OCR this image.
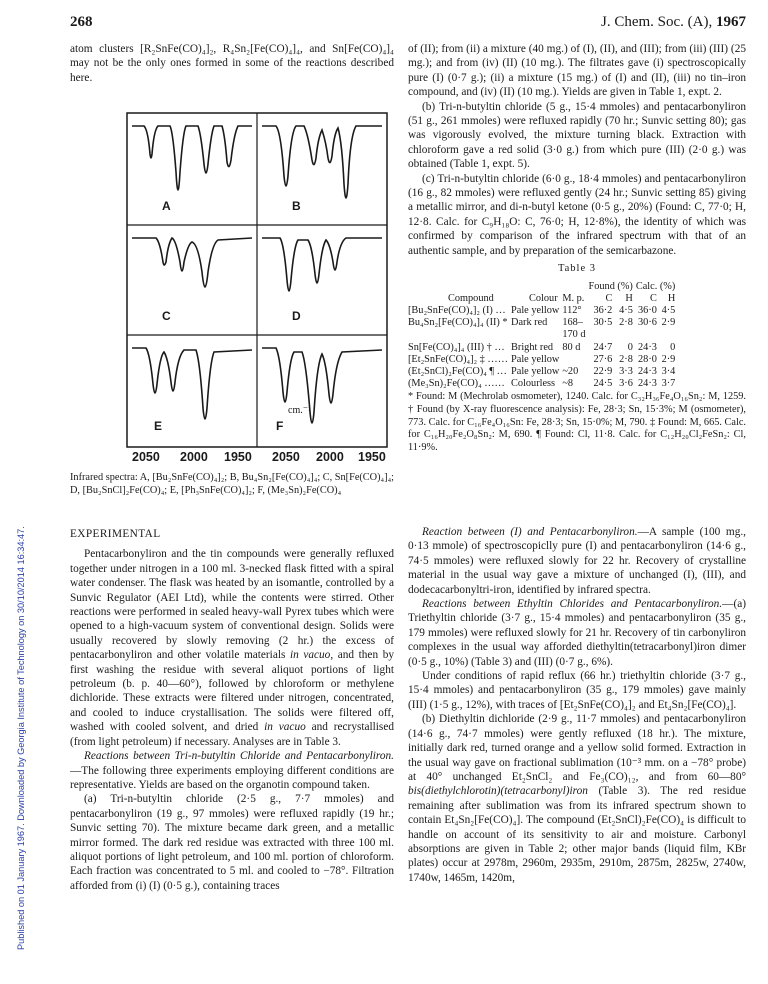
Published on 01 January 1967. Downloaded by Georgia Institute of Technology on 30/10/2014 16:34:47.
268	J. Chem. Soc. (A), 1967

atom clusters [R₂SnFe(CO)₄]₂, R₄Sn₂[Fe(CO)₄]₄, and Sn[Fe(CO)₄]₄ may not be the only ones formed in some of the reactions described here.

A	B
C	D
E	F
cm.⁻¹
2050 2000 1950 2050 2000 1950
Infrared spectra: A, [Bu₂SnFe(CO)₄]₂; B, Bu₄Sn₂[Fe(CO)₄]₄; C, Sn[Fe(CO)₄]₄; D, [Bu₂SnCl]₂Fe(CO)₄; E, [Ph₃SnFe(CO)₄]₂; F, (Me₃Sn)₂Fe(CO)₄
EXPERIMENTAL

Pentacarbonyliron and the tin compounds were generally refluxed together under nitrogen in a 100 ml. 3-necked flask fitted with a spiral water condenser. The flask was heated by an isomantle, controlled by a Sunvic Regulator (AEI Ltd), while the contents were stirred. Other reactions were performed in sealed heavy-wall Pyrex tubes which were opened to a high-vacuum system of conventional design. Solids were usually recovered by slowly removing (2 hr.) the excess of pentacarbonyliron and other volatile materials in vacuo, and then by first washing the residue with several aliquot portions of light petroleum (b. p. 40—60°), followed by chloroform or methylene dichloride. These extracts were filtered under nitrogen, concentrated, and cooled to induce crystallisation. The solids were filtered off, washed with cooled solvent, and dried in vacuo and recrystallised (from light petroleum) if necessary. Analyses are in Table 3.

Reactions between Tri-n-butyltin Chloride and Pentacarbonyliron.—The following three experiments employing different conditions are representative. Yields are based on the organotin compound taken.

(a) Tri-n-butyltin chloride (2·5 g., 7·7 mmoles) and pentacarbonyliron (19 g., 97 mmoles) were refluxed rapidly (19 hr.; Sunvic setting 70). The mixture became dark green, and a metallic mirror formed. The dark red residue was extracted with three 100 ml. aliquot portions of light petroleum, and 100 ml. portion of chloroform. Each fraction was concentrated to 5 ml. and cooled to −78°. Filtration afforded from (i) (I) (0·5 g.), containing traces

of (II); from (ii) a mixture (40 mg.) of (I), (II), and (III); from (iii) (III) (25 mg.); and from (iv) (II) (10 mg.). The filtrates gave (i) spectroscopically pure (I) (0·7 g.); (ii) a mixture (15 mg.) of (I) and (II), (iii) no tin–iron compound, and (iv) (II) (10 mg.). Yields are given in Table 1, expt. 2.

(b) Tri-n-butyltin chloride (5 g., 15·4 mmoles) and pentacarbonyliron (51 g., 261 mmoles) were refluxed rapidly (70 hr.; Sunvic setting 80); gas was vigorously evolved, the mixture turning black. Extraction with chloroform gave a red solid (3·0 g.) from which pure (III) (2·0 g.) was obtained (Table 1, expt. 5).

(c) Tri-n-butyltin chloride (6·0 g., 18·4 mmoles) and pentacarbonyliron (16 g., 82 mmoles) were refluxed gently (24 hr.; Sunvic setting 85) giving a metallic mirror, and di-n-butyl ketone (0·5 g., 20%) (Found: C, 77·0; H, 12·8. Calc. for C₉H₁₈O: C, 76·0; H, 12·8%), the identity of which was confirmed by comparison of the infrared spectrum with that of an authentic sample, and by preparation of the semicarbazone.

Table 3
			Found (%)		Calc. (%)	
Compound	Colour	M. p.	C	H	C	H
[Bu₂SnFe(CO)₄]₂ (I) …	Pale yellow	112°	36·2	4·5	36·0	4·5
Bu₄Sn₂[Fe(CO)₄]₄ (II) *	Dark red	168–	30·5	2·8	30·6	2·9
		170 d				
Sn[Fe(CO)₄]₄ (III) † …	Bright red	80 d	24·7	0	24·3	0
[Et₂SnFe(CO)₄]₂ ‡ ……	Pale yellow		27·6	2·8	28·0	2·9
(Et₂SnCl)₂Fe(CO)₄ ¶ …	Pale yellow	~20	22·9	3·3	24·3	3·4
(Me₃Sn)₂Fe(CO)₄ ……	Colourless	~8	24·5	3·6	24·3	3·7
* Found: M (Mechrolab osmometer), 1240. Calc. for C₃₂H₃₆Fe₄O₁₆Sn₂: M, 1259. † Found (by X-ray fluorescence analysis): Fe, 28·3; Sn, 15·3%; M (osmometer), 773. Calc. for C₁₆Fe₄O₁₆Sn: Fe, 28·3; Sn, 15·0%; M, 790. ‡ Found: M, 665. Calc. for C₁₆H₂₀Fe₂O₈Sn₂: M, 690. ¶ Found: Cl, 11·8. Calc. for C₁₂H₂₀Cl₂FeSn₂: Cl, 11·9%.

Reaction between (I) and Pentacarbonyliron.—A sample (100 mg., 0·13 mmole) of spectroscopiclly pure (I) and pentacarbonyliron (14·6 g., 74·5 mmoles) were refluxed slowly for 22 hr. Recovery of crystalline material in the usual way gave a mixture of unchanged (I), (III), and dodecacarbonyltri-iron, identified by infrared spectra.

Reactions between Ethyltin Chlorides and Pentacarbonyliron.—(a) Triethyltin chloride (3·7 g., 15·4 mmoles) and pentacarbonyliron (35 g., 179 mmoles) were refluxed slowly for 21 hr. Recovery of tin carbonyliron complexes in the usual way afforded diethyltin(tetracarbonyl)iron dimer (0·5 g., 10%) (Table 3) and (III) (0·7 g., 6%).

Under conditions of rapid reflux (66 hr.) triethyltin chloride (3·7 g., 15·4 mmoles) and pentacarbonyliron (35 g., 179 mmoles) gave mainly (III) (1·5 g., 12%), with traces of [Et₂SnFe(CO)₄]₂ and Et₄Sn₂[Fe(CO)₄].

(b) Diethyltin dichloride (2·9 g., 11·7 mmoles) and pentacarbonyliron (14·6 g., 74·7 mmoles) were gently refluxed (18 hr.). The mixture, initially dark red, turned orange and a yellow solid formed. Extraction in the usual way gave on fractional sublimation (10⁻³ mm. on a −78° probe) at 40° unchanged Et₂SnCl₂ and Fe₃(CO)₁₂, and from 60—80° bis(diethylchlorotin)(tetracarbonyl)iron (Table 3). The red residue remaining after sublimation was from its infrared spectrum shown to contain Et₄Sn₂[Fe(CO)₄]. The compound (Et₂SnCl)₂Fe(CO)₄ is difficult to handle on account of its sensitivity to air and moisture. Carbonyl absorptions are given in Table 2; other major bands (liquid film, KBr plates) occur at 2978m, 2960m, 2935m, 2910m, 2875m, 2825w, 2740w, 1740w, 1465m, 1420m,
